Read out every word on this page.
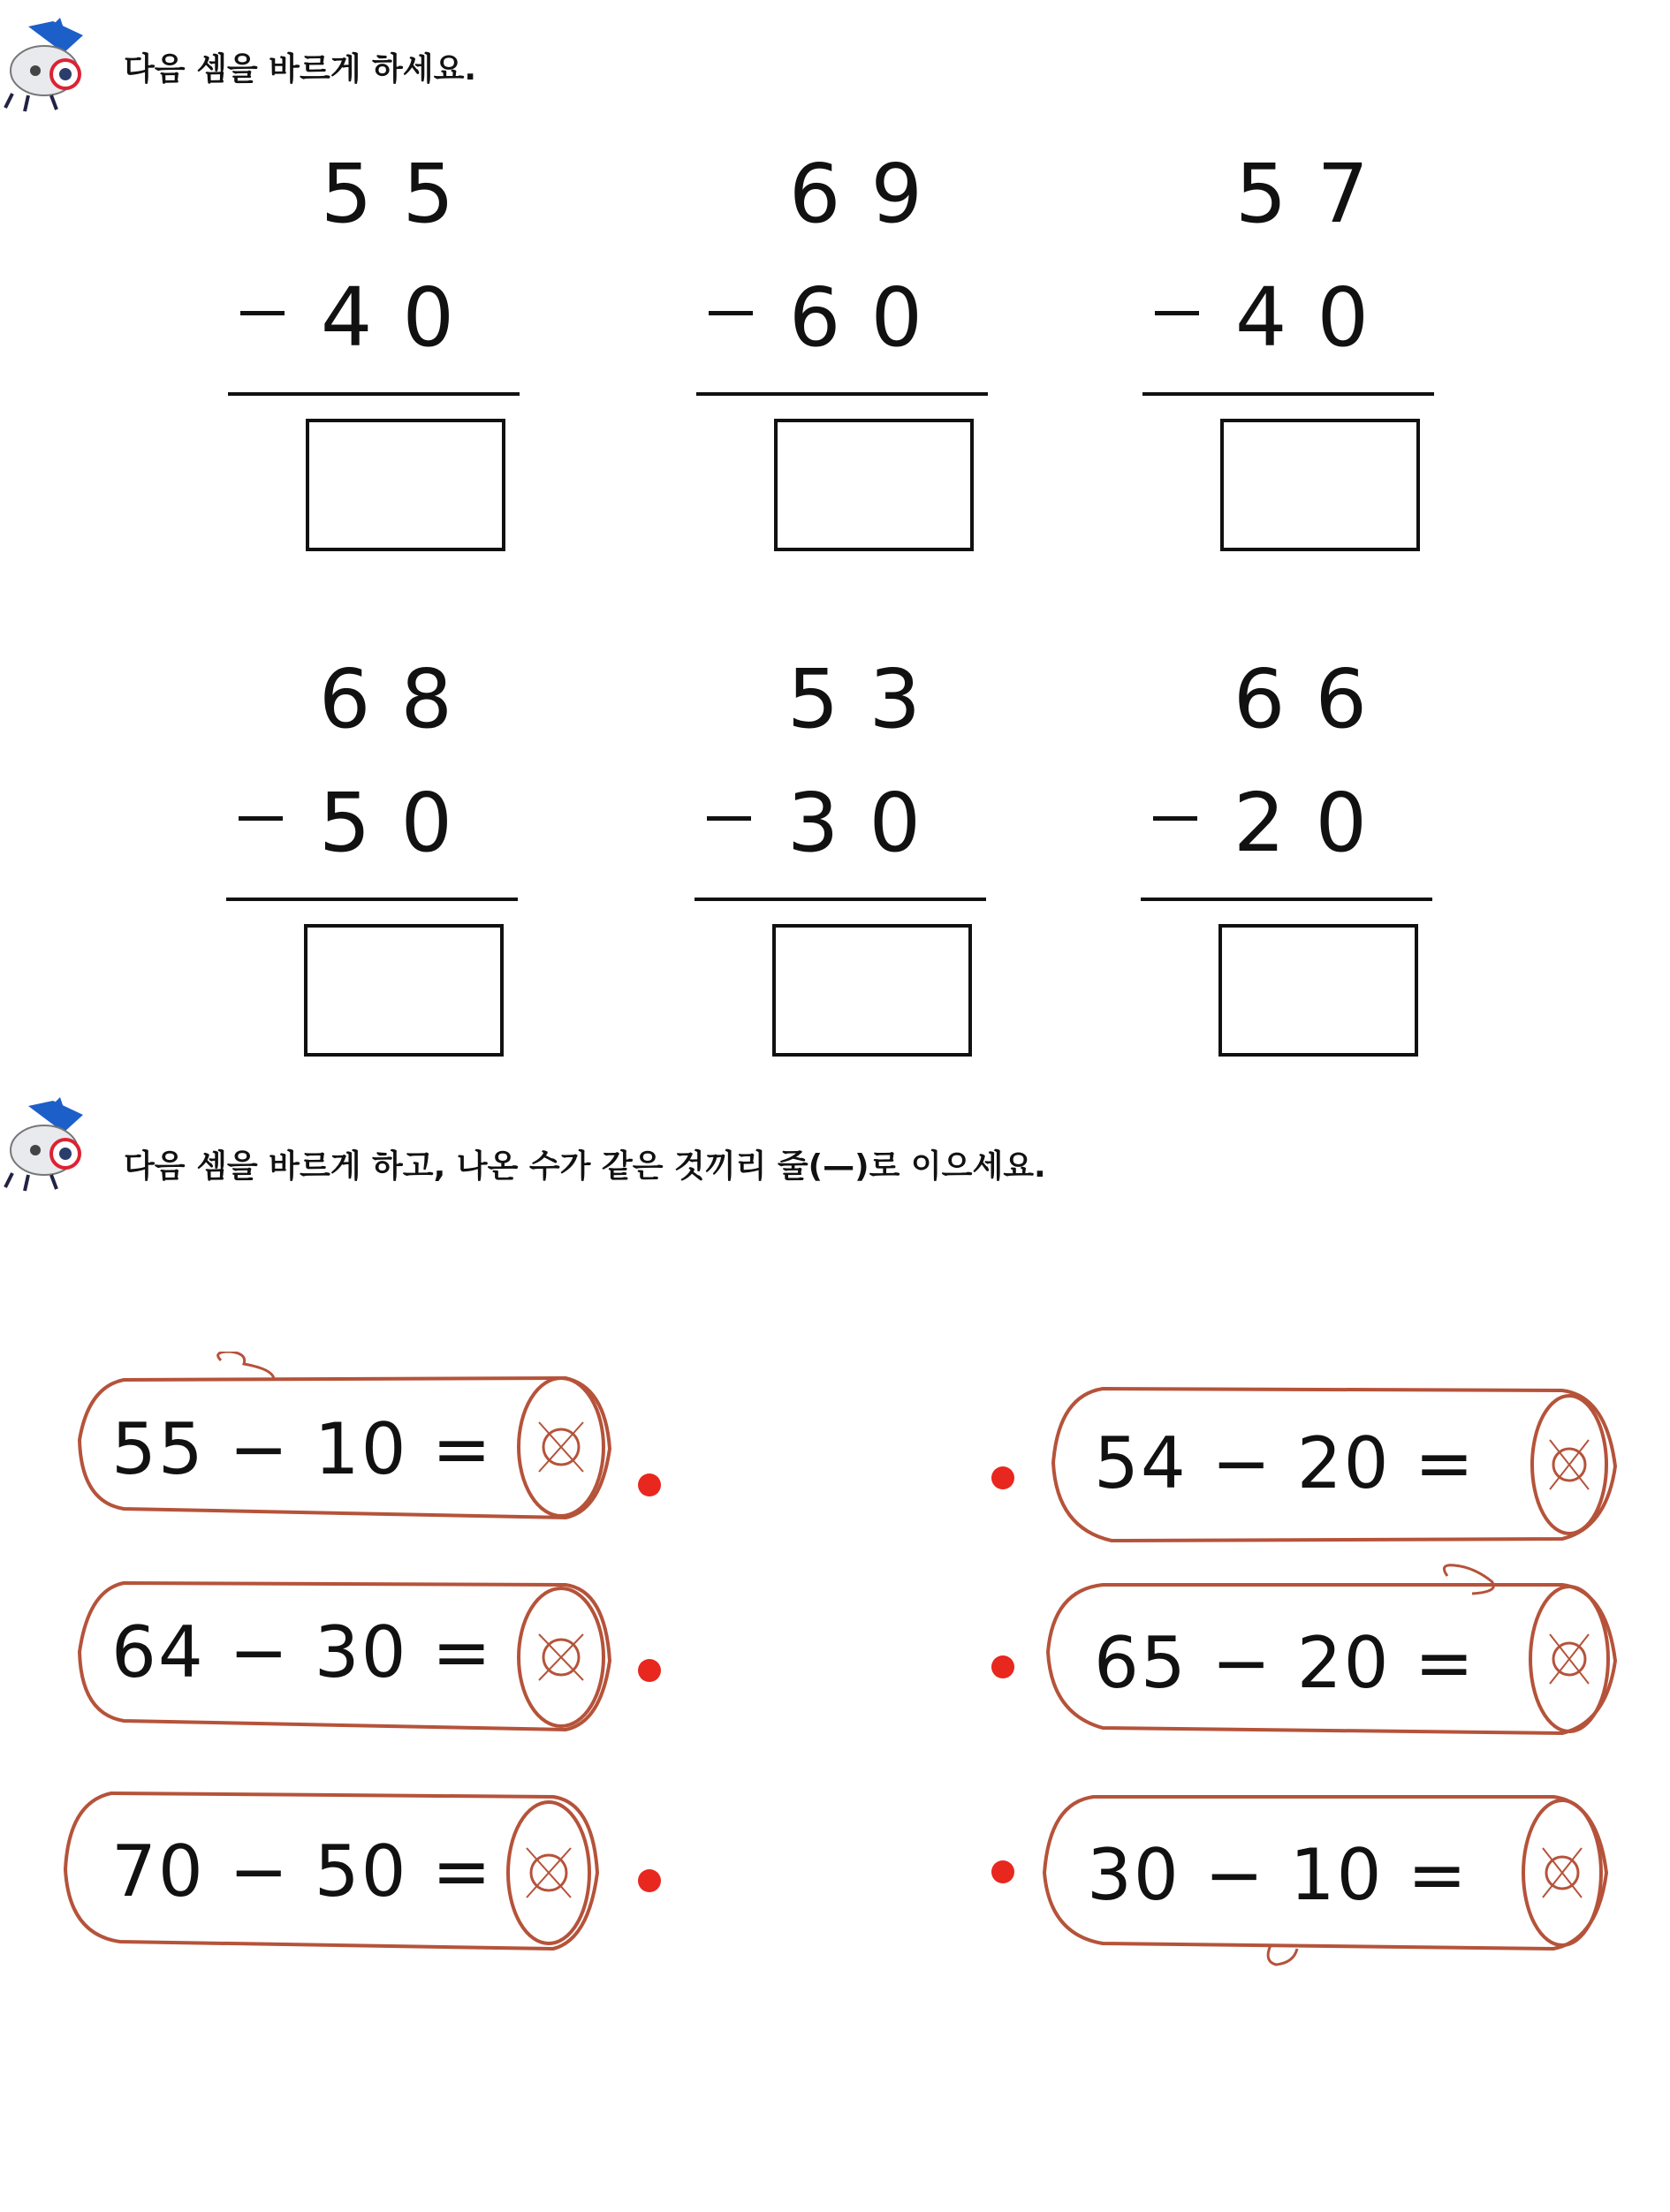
다음 셈을 바르게 하세요.
55
40
69
60
57
40
68
50
53
30
66
20
다음 셈을 바르게 하고, 나온 수가 같은 것끼리 줄(—)로 이으세요.
55 − 10 =
64 − 30 =
70 − 50 =
54 − 20 =
65 − 20 =
30 − 10 =
